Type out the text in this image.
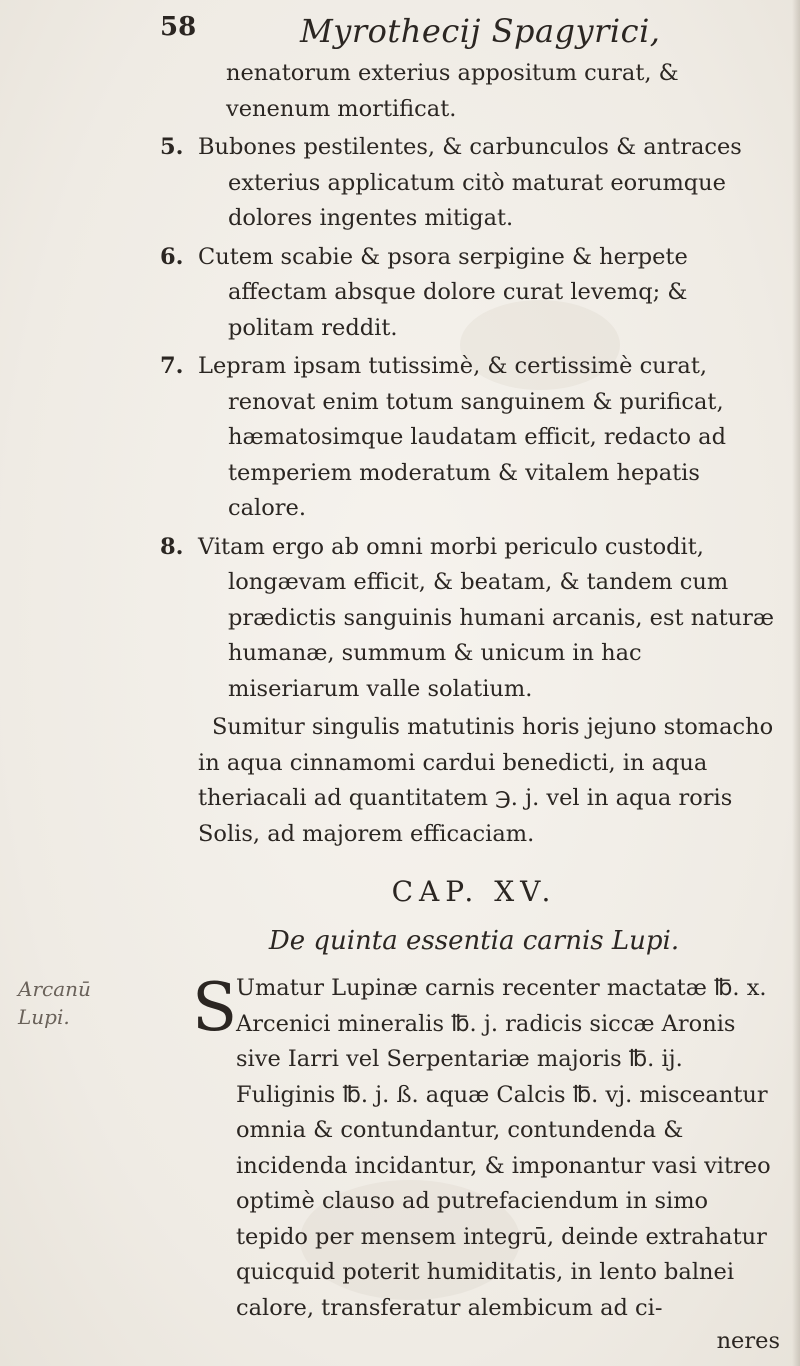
58	Myrothecij Spagyrici,
Arcanū
Lupi.
nenatorum exterius appositum curat, & venenum mortificat.
5. Bubones pestilentes, & carbunculos & antraces exterius applicatum citò maturat eorumque dolores ingentes mitigat.
6. Cutem scabie & psora serpigine & herpete affectam absque dolore curat levemq; & politam reddit.
7. Lepram ipsam tutissimè, & certissimè curat, renovat enim totum sanguinem & purificat, hæmatosimque laudatam efficit, redacto ad temperiem moderatum & vitalem hepatis calore.
8. Vitam ergo ab omni morbi periculo custodit, longævam efficit, & beatam, & tandem cum prædictis sanguinis humani arcanis, est naturæ humanæ, summum & unicum in hac miseriarum valle solatium.
Sumitur singulis matutinis horis jejuno stomacho in aqua cinnamomi cardui benedicti, in aqua theriacali ad quantitatem ℈. j. vel in aqua roris Solis, ad majorem efficaciam.
CAP. XV.
De quinta essentia carnis Lupi.
S
Umatur Lupinæ carnis recenter mactatæ ℔. x. Arcenici mineralis ℔. j. radicis siccæ Aronis sive Iarri vel Serpentariæ majoris ℔. ij. Fuliginis ℔. j. ß. aquæ Calcis ℔. vj. misceantur omnia & contundantur, contundenda & incidenda incidantur, & imponantur vasi vitreo optimè clauso ad putrefaciendum in simo tepido per mensem integrū, deinde extrahatur quicquid poterit humiditatis, in lento balnei calore, transferatur alembicum ad ci-
neres
